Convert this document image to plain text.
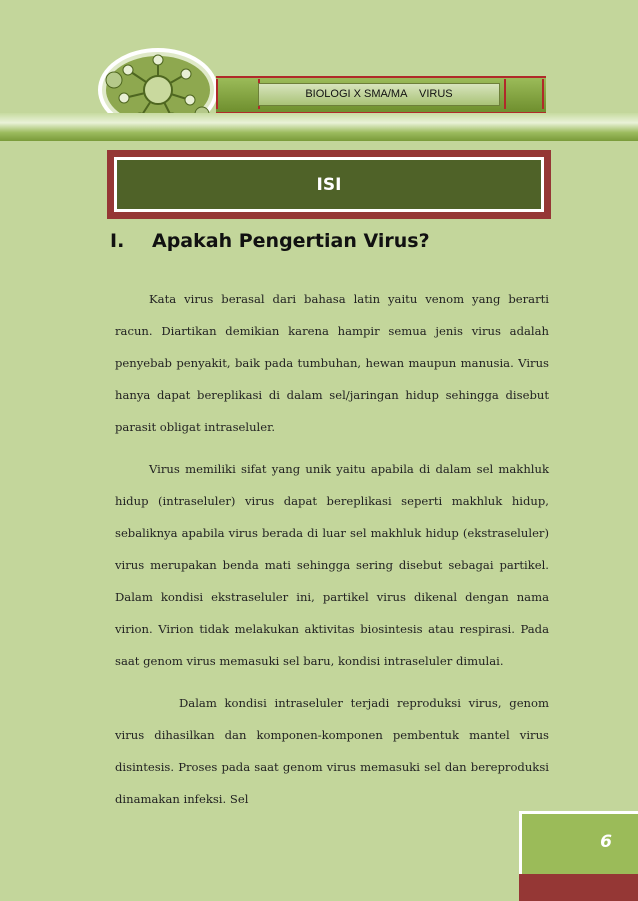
BIOLOGI X SMA/MA    VIRUS
ISI
I. Apakah Pengertian Virus?

Kata virus berasal dari bahasa latin yaitu venom yang berarti racun. Diartikan demikian karena hampir semua jenis virus adalah penyebab penyakit, baik pada tumbuhan, hewan maupun manusia. Virus hanya dapat bereplikasi di dalam sel/jaringan hidup sehingga disebut parasit obligat intraseluler.

Virus memiliki sifat yang unik yaitu apabila di dalam sel makhluk hidup (intraseluler) virus dapat bereplikasi seperti makhluk hidup, sebaliknya apabila virus berada di luar sel makhluk hidup (ekstraseluler) virus merupakan benda mati sehingga sering disebut sebagai partikel. Dalam kondisi ekstraseluler ini, partikel virus dikenal dengan nama virion. Virion tidak melakukan aktivitas biosintesis atau respirasi. Pada saat genom virus memasuki sel baru, kondisi intraseluler dimulai.

Dalam kondisi intraseluler terjadi reproduksi virus, genom virus dihasilkan dan komponen-komponen pembentuk mantel virus disintesis. Proses pada saat genom virus memasuki sel dan bereproduksi dinamakan infeksi. Sel

6
